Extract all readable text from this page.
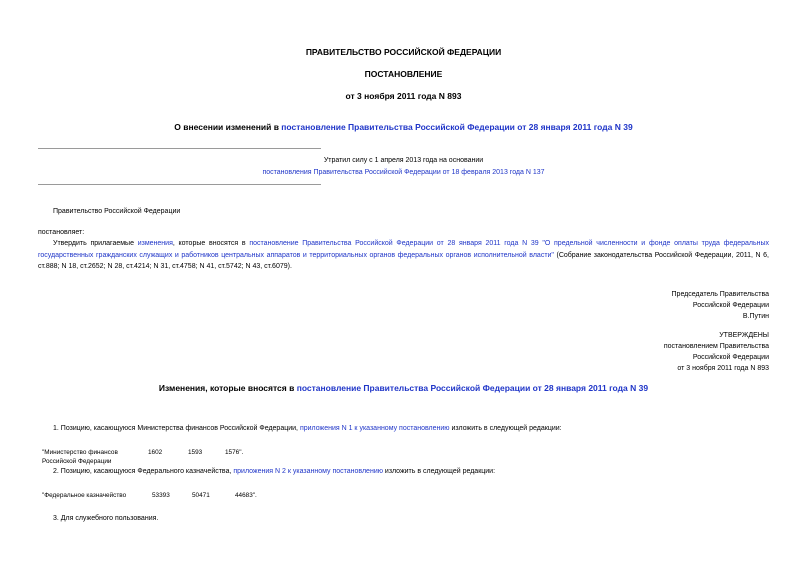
ПРАВИТЕЛЬСТВО РОССИЙСКОЙ ФЕДЕРАЦИИ
ПОСТАНОВЛЕНИЕ
от 3 ноября 2011 года N 893
О внесении изменений в постановление Правительства Российской Федерации от 28 января 2011 года N 39
Утратил силу с 1 апреля 2013 года на основании
постановления Правительства Российской Федерации от 18 февраля 2013 года N 137
Правительство Российской Федерации
постановляет:
Утвердить прилагаемые изменения, которые вносятся в постановление Правительства Российской Федерации от 28 января 2011 года N 39 "О предельной численности и фонде оплаты труда федеральных государственных гражданских служащих и работников центральных аппаратов и территориальных органов федеральных органов исполнительной власти" (Собрание законодательства Российской Федерации, 2011, N 6, ст.888; N 18, ст.2652; N 28, ст.4214; N 31, ст.4758; N 41, ст.5742; N 43, ст.6079).
Председатель Правительства
Российской Федерации
В.Путин
УТВЕРЖДЕНЫ
постановлением Правительства
Российской Федерации
от 3 ноября 2011 года N 893
Изменения, которые вносятся в постановление Правительства Российской Федерации от 28 января 2011 года N 39
1. Позицию, касающуюся Министерства финансов Российской Федерации, приложения N 1 к указанному постановлению изложить в следующей редакции:
"Министерство финансов
Российской Федерации
1602	1593	1576".
2. Позицию, касающуюся Федерального казначейства, приложения N 2 к указанному постановлению изложить в следующей редакции:
"Федеральное казначейство	53393	50471	44683".
3. Для служебного пользования.
